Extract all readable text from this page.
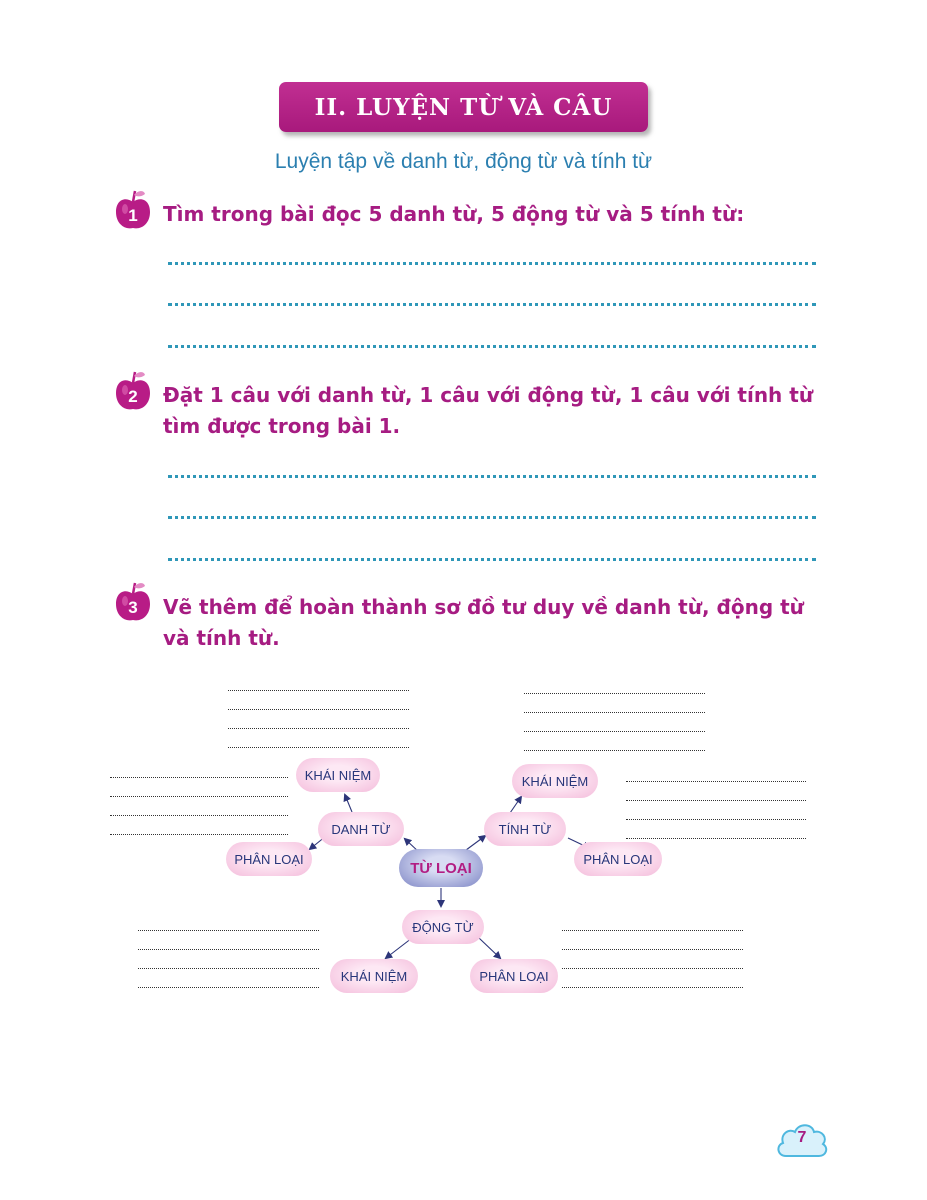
II. LUYỆN TỪ VÀ CÂU
Luyện tập về danh từ, động từ và tính từ
1
2
3
Tìm trong bài đọc 5 danh từ, 5 động từ và 5 tính từ:
Đặt 1 câu với danh từ, 1 câu với động từ, 1 câu với tính từ
tìm được trong bài 1.
Vẽ thêm để hoàn thành sơ đồ tư duy về danh từ, động từ
và tính từ.
KHÁI NIỆM
DANH TỪ
PHÂN LOẠI
KHÁI NIỆM
TÍNH TỪ
PHÂN LOẠI
TỪ LOẠI
ĐỘNG TỪ
KHÁI NIỆM	PHÂN LOẠI
7
